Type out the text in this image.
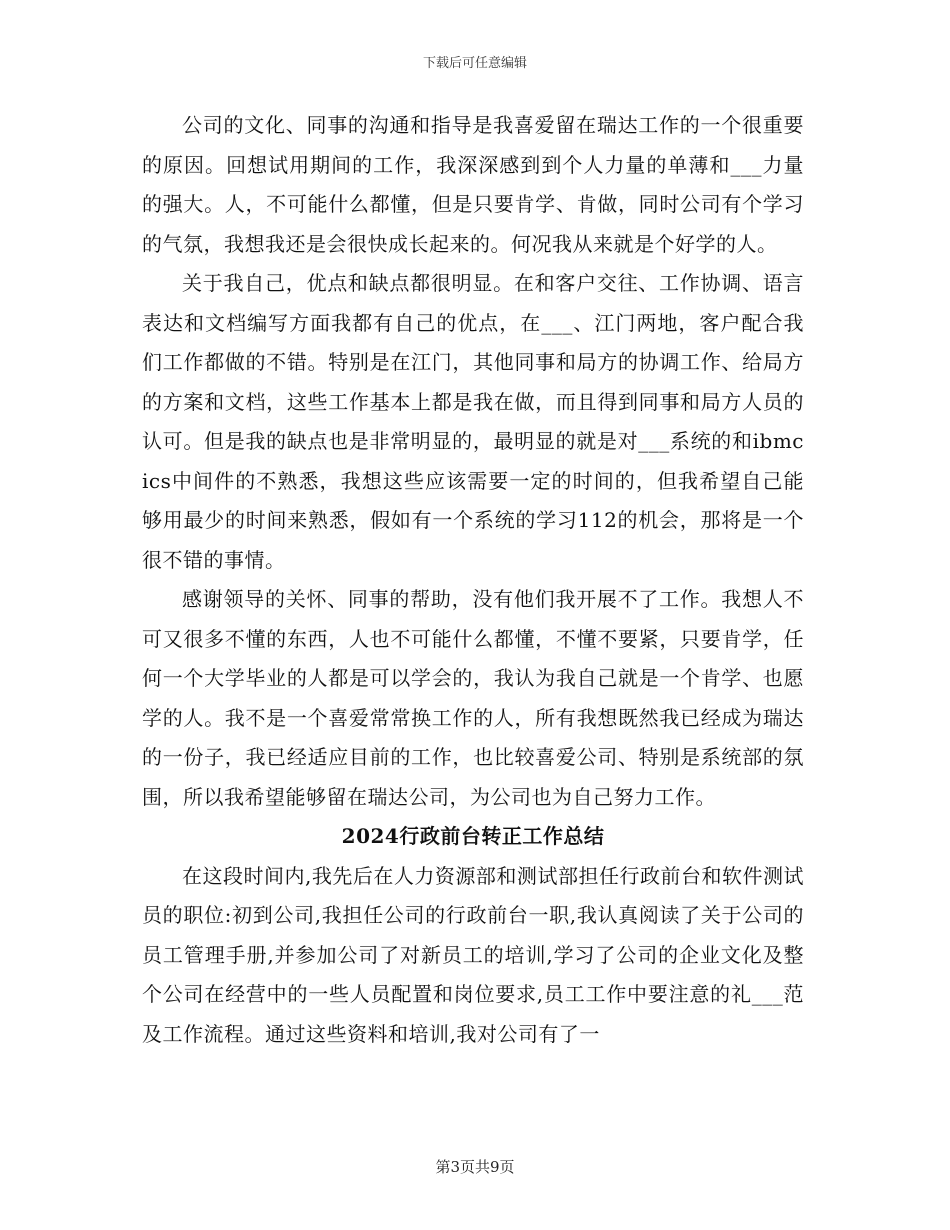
下载后可任意编辑

公司的文化、同事的沟通和指导是我喜爱留在瑞达工作的一个很重要的原因。回想试用期间的工作，我深深感到到个人力量的单薄和___力量的强大。人，不可能什么都懂，但是只要肯学、肯做，同时公司有个学习的气氛，我想我还是会很快成长起来的。何况我从来就是个好学的人。

关于我自己，优点和缺点都很明显。在和客户交往、工作协调、语言表达和文档编写方面我都有自己的优点，在___、江门两地，客户配合我们工作都做的不错。特别是在江门，其他同事和局方的协调工作、给局方的方案和文档，这些工作基本上都是我在做，而且得到同事和局方人员的认可。但是我的缺点也是非常明显的，最明显的就是对___系统的和ibmcics中间件的不熟悉，我想这些应该需要一定的时间的，但我希望自己能够用最少的时间来熟悉，假如有一个系统的学习112的机会，那将是一个很不错的事情。

感谢领导的关怀、同事的帮助，没有他们我开展不了工作。我想人不可又很多不懂的东西，人也不可能什么都懂，不懂不要紧，只要肯学，任何一个大学毕业的人都是可以学会的，我认为我自己就是一个肯学、也愿学的人。我不是一个喜爱常常换工作的人，所有我想既然我已经成为瑞达的一份子，我已经适应目前的工作，也比较喜爱公司、特别是系统部的氛围，所以我希望能够留在瑞达公司，为公司也为自己努力工作。

2024行政前台转正工作总结

在这段时间内,我先后在人力资源部和测试部担任行政前台和软件测试员的职位:初到公司,我担任公司的行政前台一职,我认真阅读了关于公司的员工管理手册,并参加公司了对新员工的培训,学习了公司的企业文化及整个公司在经营中的一些人员配置和岗位要求,员工工作中要注意的礼___范及工作流程。通过这些资料和培训,我对公司有了一

第3页共9页
